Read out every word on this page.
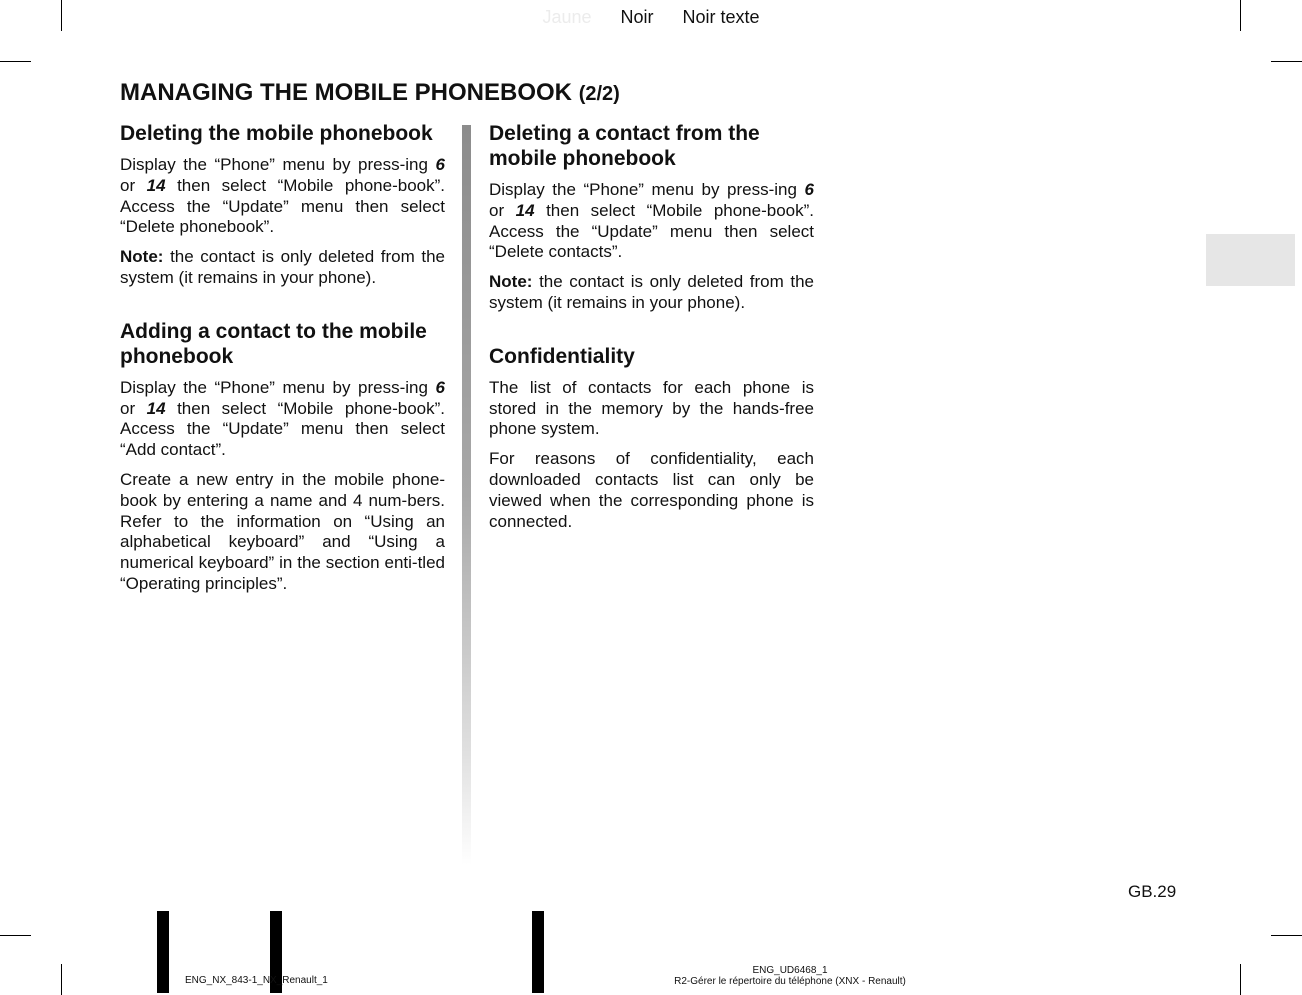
Jaune Noir Noir texte
MANAGING THE MOBILE PHONEBOOK (2/2)
Deleting the mobile phonebook

Display the “Phone” menu by press-ing 6 or 14 then select “Mobile phone-book”. Access the “Update” menu then select “Delete phonebook”.

Note: the contact is only deleted from the system (it remains in your phone).

Adding a contact to the mobile phonebook

Display the “Phone” menu by press-ing 6 or 14 then select “Mobile phone-book”. Access the “Update” menu then select “Add contact”.

Create a new entry in the mobile phone-book by entering a name and 4 num-bers. Refer to the information on “Using an alphabetical keyboard” and “Using a numerical keyboard” in the section enti-tled “Operating principles”.

Deleting a contact from the mobile phonebook

Display the “Phone” menu by press-ing 6 or 14 then select “Mobile phone-book”. Access the “Update” menu then select “Delete contacts”.

Note: the contact is only deleted from the system (it remains in your phone).

Confidentiality

The list of contacts for each phone is stored in the memory by the hands-free phone system.

For reasons of confidentiality, each downloaded contacts list can only be viewed when the corresponding phone is connected.

GB.29
ENG_NX_843-1_NX_Renault_1
ENG_UD6468_1
R2-Gérer le répertoire du téléphone (XNX - Renault)
